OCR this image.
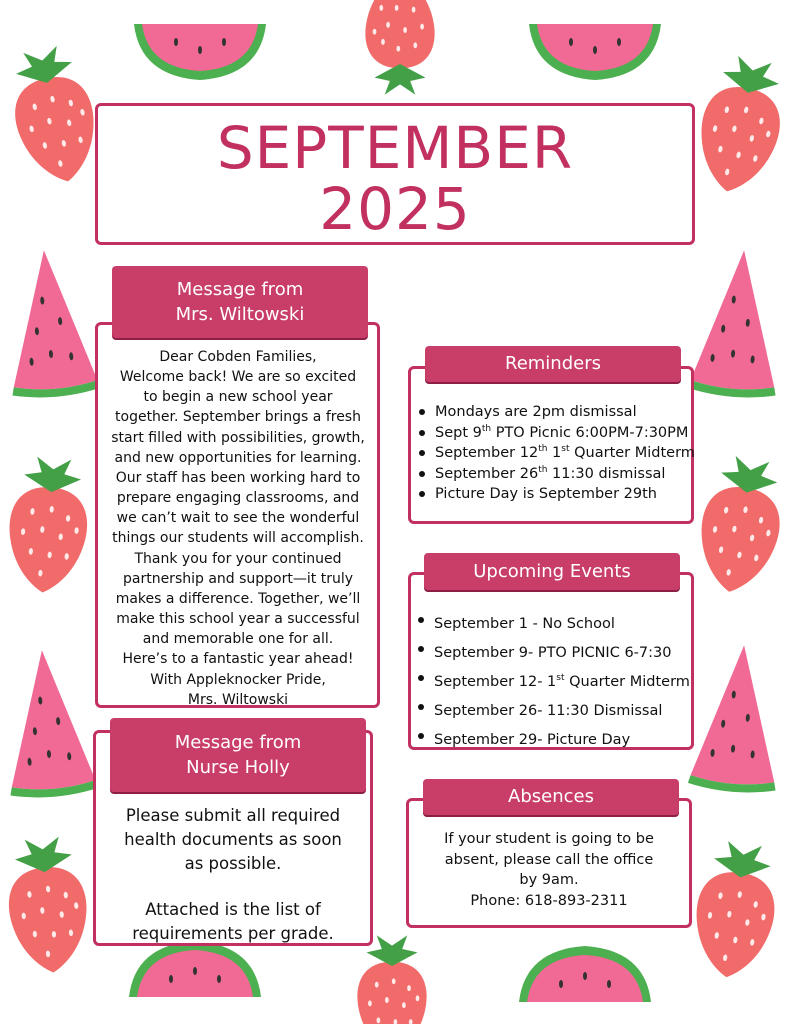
SEPTEMBER
2025
Message from
Mrs. Wiltowski
Dear Cobden Families,
Welcome back! We are so excited
to begin a new school year
together. September brings a fresh
start filled with possibilities, growth,
and new opportunities for learning.
Our staff has been working hard to
prepare engaging classrooms, and
we can’t wait to see the wonderful
things our students will accomplish.
Thank you for your continued
partnership and support—it truly
makes a difference. Together, we’ll
make this school year a successful
and memorable one for all.
Here’s to a fantastic year ahead!
With Appleknocker Pride,
Mrs. Wiltowski
Message from
Nurse Holly
Please submit all required
health documents as soon
as possible.
Attached is the list of
requirements per grade.
Reminders
Mondays are 2pm dismissal
Sept 9th PTO Picnic 6:00PM-7:30PM
September 12th 1st Quarter Midterm
September 26th 11:30 dismissal
Picture Day is September 29th
Upcoming Events
September 1 - No School
September 9- PTO PICNIC 6-7:30
September 12- 1st Quarter Midterm
September 26- 11:30 Dismissal
September 29- Picture Day
Absences
If your student is going to be
absent, please call the office
by 9am.
Phone: 618-893-2311
